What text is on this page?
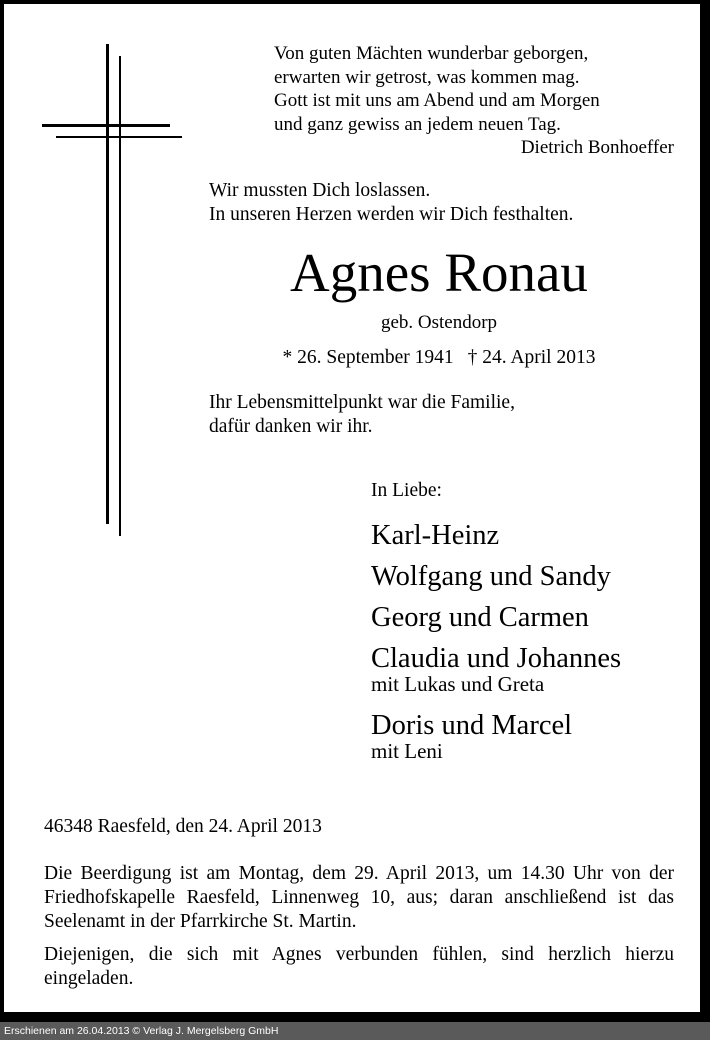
Von guten Mächten wunderbar geborgen,
erwarten wir getrost, was kommen mag.
Gott ist mit uns am Abend und am Morgen
und ganz gewiss an jedem neuen Tag.
Dietrich Bonhoeffer
Wir mussten Dich loslassen.
In unseren Herzen werden wir Dich festhalten.
Agnes Ronau
geb. Ostendorp
* 26. September 1941 † 24. April 2013
Ihr Lebensmittelpunkt war die Familie,
dafür danken wir ihr.
In Liebe:
Karl-Heinz
Wolfgang und Sandy
Georg und Carmen
Claudia und Johannes
mit Lukas und Greta
Doris und Marcel
mit Leni
46348 Raesfeld, den 24. April 2013

Die Beerdigung ist am Montag, dem 29. April 2013, um 14.30 Uhr von der Friedhofskapelle Raesfeld, Linnenweg 10, aus; daran anschließend ist das Seelenamt in der Pfarrkirche St. Martin.

Diejenigen, die sich mit Agnes verbunden fühlen, sind herzlich hierzu eingeladen.

Erschienen am 26.04.2013 © Verlag J. Mergelsberg GmbH
